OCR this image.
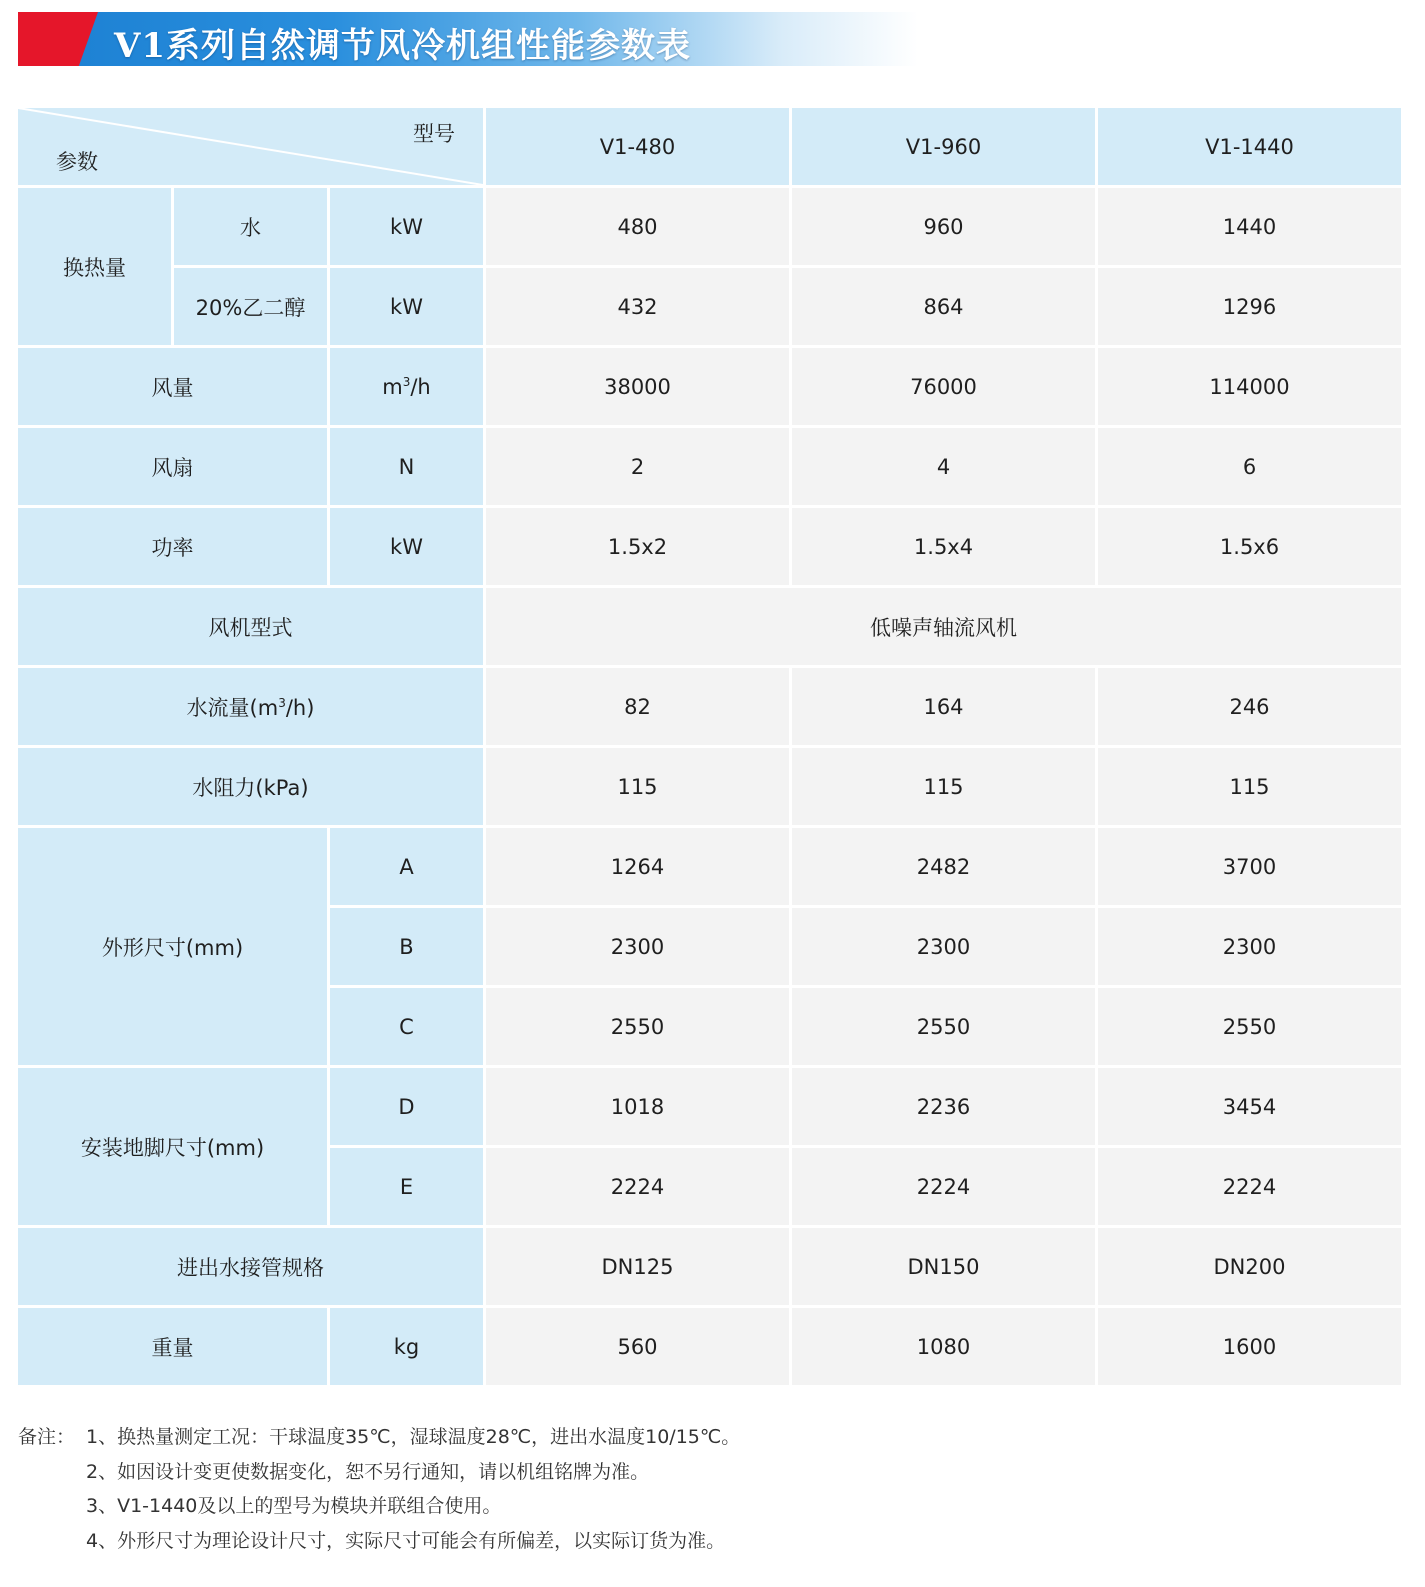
V1系列自然调节风冷机组性能参数表
型号
参数			V1-480	V1-960	V1-1440
换热量	水	kW	480	960	1440
	20%乙二醇	kW	432	864	1296
风量		$m^3/h$	38000	76000	114000
风扇		N	2	4	6
功率		kW	1.5x2	1.5x4	1.5x6
风机型式			低噪声轴流风机		
水流量$(m^3/h)$			82	164	246
水阻力(kPa)			115	115	115
外形尺寸(mm)		A	1264	2482	3700
		B	2300	2300	2300
		C	2550	2550	2550
安装地脚尺寸(mm)		D	1018	2236	3454
		E	2224	2224	2224
进出水接管规格			DN125	DN150	DN200
重量		kg	560	1080	1600
备注： 1、换热量测定工况：干球温度35℃，湿球温度28℃，进出水温度10/15℃。
2、如因设计变更使数据变化，恕不另行通知，请以机组铭牌为准。
3、V1-1440及以上的型号为模块并联组合使用。
4、外形尺寸为理论设计尺寸，实际尺寸可能会有所偏差，以实际订货为准。
